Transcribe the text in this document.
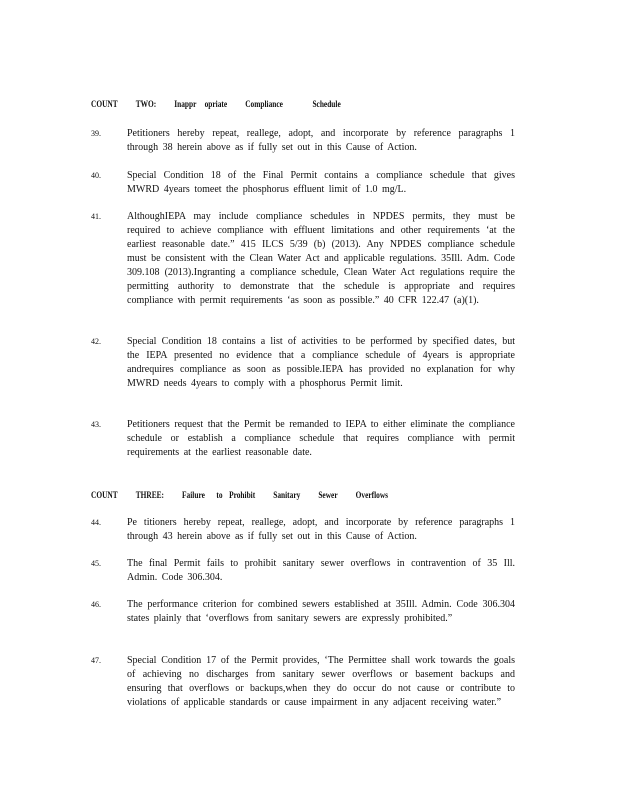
COUNT TWO: Inappr opriate Compliance	Schedule
39.	Petitioners hereby repeat, reallege, adopt, and incorporate by reference paragraphs 1 through 38 herein above as if fully set out in this Cause of Action.
40.	Special Condition 18 of the Final Permit contains a compliance schedule that gives MWRD 4years tomeet the phosphorus effluent limit of 1.0 mg/L.
41.	AlthoughIEPA may include compliance schedules in NPDES permits, they must be required to achieve compliance with effluent limitations and other requirements ‘at the earliest reasonable date.” 415 ILCS 5/39 (b) (2013). Any NPDES compliance schedule must be consistent with the Clean Water Act and applicable regulations. 35Ill. Adm. Code 309.108 (2013).Ingranting a compliance schedule, Clean Water Act regulations require the permitting authority to demonstrate that the schedule is appropriate and requires compliance with permit requirements ‘as soon as possible.” 40 CFR 122.47 (a)(1).
42.	Special Condition 18 contains a list of activities to be performed by specified dates, but the IEPA presented no evidence that a compliance schedule of 4years is appropriate andrequires compliance as soon as possible.IEPA has provided no explanation for why MWRD needs 4years to comply with a phosphorus Permit limit.
43.	Petitioners request that the Permit be remanded to IEPA to either eliminate the compliance schedule or establish a compliance schedule that requires compliance with permit requirements at the earliest reasonable date.
COUNT THREE: Failure to Prohibit Sanitary Sewer Overflows
44.	Pe titioners hereby repeat, reallege, adopt, and incorporate by reference paragraphs 1 through 43 herein above as if fully set out in this Cause of Action.
45.	The final Permit fails to prohibit sanitary sewer overflows in contravention of 35 Ill. Admin. Code 306.304.
46.	The performance criterion for combined sewers established at 35Ill. Admin. Code 306.304 states plainly that ‘overflows from sanitary sewers are expressly prohibited.”
47.	Special Condition 17 of the Permit provides, ‘The Permittee shall work towards the goals of achieving no discharges from sanitary sewer overflows or basement backups and ensuring that overflows or backups,when they do occur do not cause or contribute to violations of applicable standards or cause impairment in any adjacent receiving water.”
